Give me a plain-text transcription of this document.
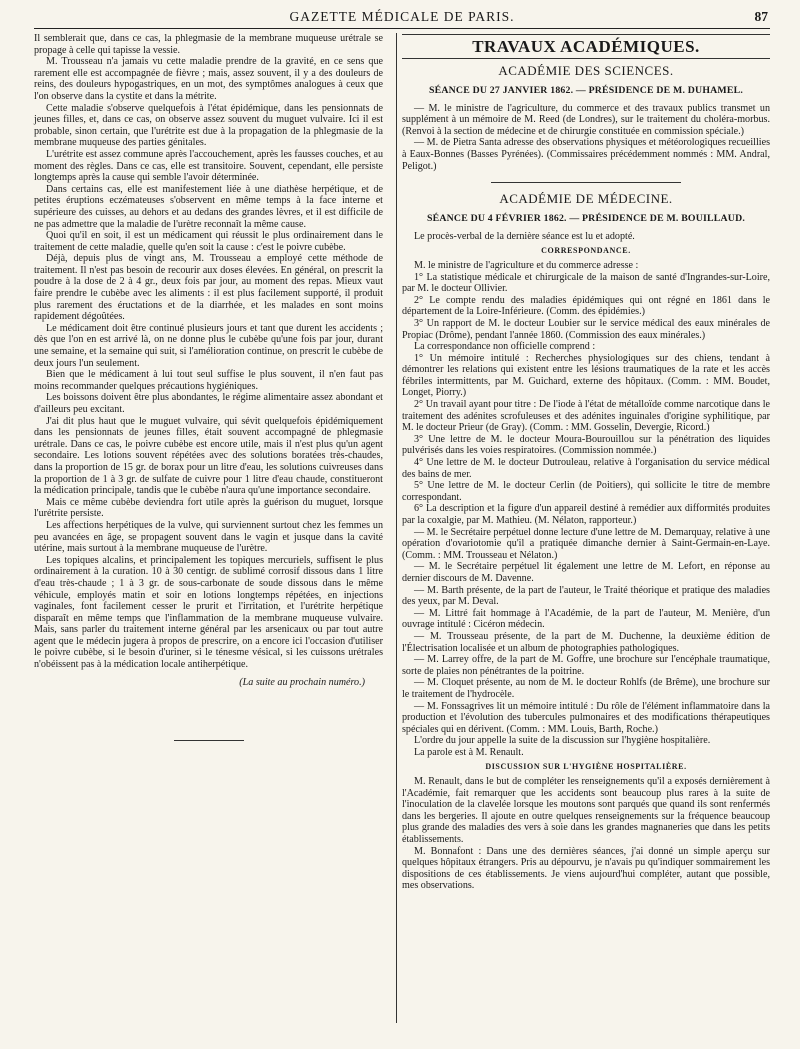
GAZETTE MÉDICALE DE PARIS.	87

Il semblerait que, dans ce cas, la phlegmasie de la membrane muqueuse urétrale se propage à celle qui tapisse la vessie.

M. Trousseau n'a jamais vu cette maladie prendre de la gravité, en ce sens que rarement elle est accompagnée de fièvre ; mais, assez souvent, il y a des douleurs de reins, des douleurs hypogastriques, en un mot, des symptômes analogues à ceux que l'on observe dans la cystite et dans la métrite.

Cette maladie s'observe quelquefois à l'état épidémique, dans les pensionnats de jeunes filles, et, dans ce cas, on observe assez souvent du muguet vulvaire. Ici il est probable, sinon certain, que l'urétrite est due à la propagation de la phlegmasie de la membrane muqueuse des parties génitales.

L'urétrite est assez commune après l'accouchement, après les fausses couches, et au moment des règles. Dans ce cas, elle est transitoire. Souvent, cependant, elle persiste longtemps après la cause qui semble l'avoir déterminée.

Dans certains cas, elle est manifestement liée à une diathèse herpétique, et de petites éruptions eczémateuses s'observent en même temps à la face interne et supérieure des cuisses, au dehors et au dedans des grandes lèvres, et il est difficile de ne pas admettre que la maladie de l'urètre reconnaît la même cause.

Quoi qu'il en soit, il est un médicament qui réussit le plus ordinairement dans le traitement de cette maladie, quelle qu'en soit la cause : c'est le poivre cubèbe.

Déjà, depuis plus de vingt ans, M. Trousseau a employé cette méthode de traitement. Il n'est pas besoin de recourir aux doses élevées. En général, on prescrit la poudre à la dose de 2 à 4 gr., deux fois par jour, au moment des repas. Mieux vaut faire prendre le cubèbe avec les aliments : il est plus facilement supporté, il produit plus rarement des éructations et de la diarrhée, et les malades en sont moins rapidement dégoûtées.

Le médicament doit être continué plusieurs jours et tant que durent les accidents ; dès que l'on en est arrivé là, on ne donne plus le cubèbe qu'une fois par jour, durant une semaine, et la semaine qui suit, si l'amélioration continue, on prescrit le cubèbe de deux jours l'un seulement.

Bien que le médicament à lui tout seul suffise le plus souvent, il n'en faut pas moins recommander quelques précautions hygiéniques.

Les boissons doivent être plus abondantes, le régime alimentaire assez abondant et d'ailleurs peu excitant.

J'ai dit plus haut que le muguet vulvaire, qui sévit quelquefois épidémiquement dans les pensionnats de jeunes filles, était souvent accompagné de phlegmasie urétrale. Dans ce cas, le poivre cubèbe est encore utile, mais il n'est plus qu'un agent secondaire. Les lotions souvent répétées avec des solutions boratées très-chaudes, dans la proportion de 15 gr. de borax pour un litre d'eau, les solutions cuivreuses dans la proportion de 1 à 3 gr. de sulfate de cuivre pour 1 litre d'eau chaude, constitueront la médication principale, tandis que le cubèbe n'aura qu'une importance secondaire.

Mais ce même cubèbe deviendra fort utile après la guérison du muguet, lorsque l'urétrite persiste.

Les affections herpétiques de la vulve, qui surviennent surtout chez les femmes un peu avancées en âge, se propagent souvent dans le vagin et jusque dans la cavité utérine, mais surtout à la membrane muqueuse de l'urètre.

Les topiques alcalins, et principalement les topiques mercuriels, suffisent le plus ordinairement à la curation. 10 à 30 centigr. de sublimé corrosif dissous dans 1 litre d'eau très-chaude ; 1 à 3 gr. de sous-carbonate de soude dissous dans le même véhicule, employés matin et soir en lotions longtemps répétées, en injections vaginales, font facilement cesser le prurit et l'irritation, et l'urétrite herpétique disparaît en même temps que l'inflammation de la membrane muqueuse vulvaire. Mais, sans parler du traitement interne général par les arsenicaux ou par tout autre agent que le médecin jugera à propos de prescrire, on a encore ici l'occasion d'utiliser le poivre cubèbe, si le besoin d'uriner, si le ténesme vésical, si les cuissons urétrales n'obéissent pas à la médication locale antiherpétique.

(La suite au prochain numéro.)
TRAVAUX ACADÉMIQUES.
ACADÉMIE DES SCIENCES.
SÉANCE DU 27 JANVIER 1862. — PRÉSIDENCE DE M. DUHAMEL.

— M. le ministre de l'agriculture, du commerce et des travaux publics transmet un supplément à un mémoire de M. Reed (de Londres), sur le traitement du choléra-morbus. (Renvoi à la section de médecine et de chirurgie constituée en commission spéciale.)

— M. de Pietra Santa adresse des observations physiques et météorologiques recueillies à Eaux-Bonnes (Basses Pyrénées). (Commissaires précédemment nommés : MM. Andral, Peligot.)

ACADÉMIE DE MÉDECINE.
SÉANCE DU 4 FÉVRIER 1862. — PRÉSIDENCE DE M. BOUILLAUD.

Le procès-verbal de la dernière séance est lu et adopté.

CORRESPONDANCE.

M. le ministre de l'agriculture et du commerce adresse :

1° La statistique médicale et chirurgicale de la maison de santé d'Ingrandes-sur-Loire, par M. le docteur Ollivier.

2° Le compte rendu des maladies épidémiques qui ont régné en 1861 dans le département de la Loire-Inférieure. (Comm. des épidémies.)

3° Un rapport de M. le docteur Loubier sur le service médical des eaux minérales de Propiac (Drôme), pendant l'année 1860. (Commission des eaux minérales.)

La correspondance non officielle comprend :

1° Un mémoire intitulé : Recherches physiologiques sur des chiens, tendant à démontrer les relations qui existent entre les lésions traumatiques de la rate et les accès fébriles intermittents, par M. Guichard, externe des hôpitaux. (Comm. : MM. Boudet, Longet, Piorry.)

2° Un travail ayant pour titre : De l'iode à l'état de métalloïde comme narcotique dans le traitement des adénites scrofuleuses et des adénites inguinales d'origine syphilitique, par M. le docteur Prieur (de Gray). (Comm. : MM. Gosselin, Devergie, Ricord.)

3° Une lettre de M. le docteur Moura-Bourouillou sur la pénétration des liquides pulvérisés dans les voies respiratoires. (Commission nommée.)

4° Une lettre de M. le docteur Dutrouleau, relative à l'organisation du service médical des bains de mer.

5° Une lettre de M. le docteur Cerlin (de Poitiers), qui sollicite le titre de membre correspondant.

6° La description et la figure d'un appareil destiné à remédier aux difformités produites par la coxalgie, par M. Mathieu. (M. Nélaton, rapporteur.)

— M. le Secrétaire perpétuel donne lecture d'une lettre de M. Demarquay, relative à une opération d'ovariotomie qu'il a pratiquée dimanche dernier à Saint-Germain-en-Laye. (Comm. : MM. Trousseau et Nélaton.)

— M. le Secrétaire perpétuel lit également une lettre de M. Lefort, en réponse au dernier discours de M. Davenne.

— M. Barth présente, de la part de l'auteur, le Traité théorique et pratique des maladies des yeux, par M. Deval.

— M. Littré fait hommage à l'Académie, de la part de l'auteur, M. Menière, d'un ouvrage intitulé : Cicéron médecin.

— M. Trousseau présente, de la part de M. Duchenne, la deuxième édition de l'Électrisation localisée et un album de photographies pathologiques.

— M. Larrey offre, de la part de M. Goffre, une brochure sur l'encéphale traumatique, sorte de plaies non pénétrantes de la poitrine.

— M. Cloquet présente, au nom de M. le docteur Rohlfs (de Brême), une brochure sur le traitement de l'hydrocèle.

— M. Fonssagrives lit un mémoire intitulé : Du rôle de l'élément inflammatoire dans la production et l'évolution des tubercules pulmonaires et des modifications thérapeutiques spéciales qui en dérivent. (Comm. : MM. Louis, Barth, Roche.)

L'ordre du jour appelle la suite de la discussion sur l'hygiène hospitalière.

La parole est à M. Renault.

DISCUSSION SUR L'HYGIÈNE HOSPITALIÈRE.

M. Renault, dans le but de compléter les renseignements qu'il a exposés dernièrement à l'Académie, fait remarquer que les accidents sont beaucoup plus rares à la suite de l'inoculation de la clavelée lorsque les moutons sont parqués que quand ils sont renfermés dans les bergeries. Il ajoute en outre quelques renseignements sur la fréquence beaucoup plus grande des maladies des vers à soie dans les grandes magnaneries que dans les petits établissements.

M. Bonnafont : Dans une des dernières séances, j'ai donné un simple aperçu sur quelques hôpitaux étrangers. Pris au dépourvu, je n'avais pu qu'indiquer sommairement les dispositions de ces établissements. Je viens aujourd'hui compléter, autant que possible, mes observations.
